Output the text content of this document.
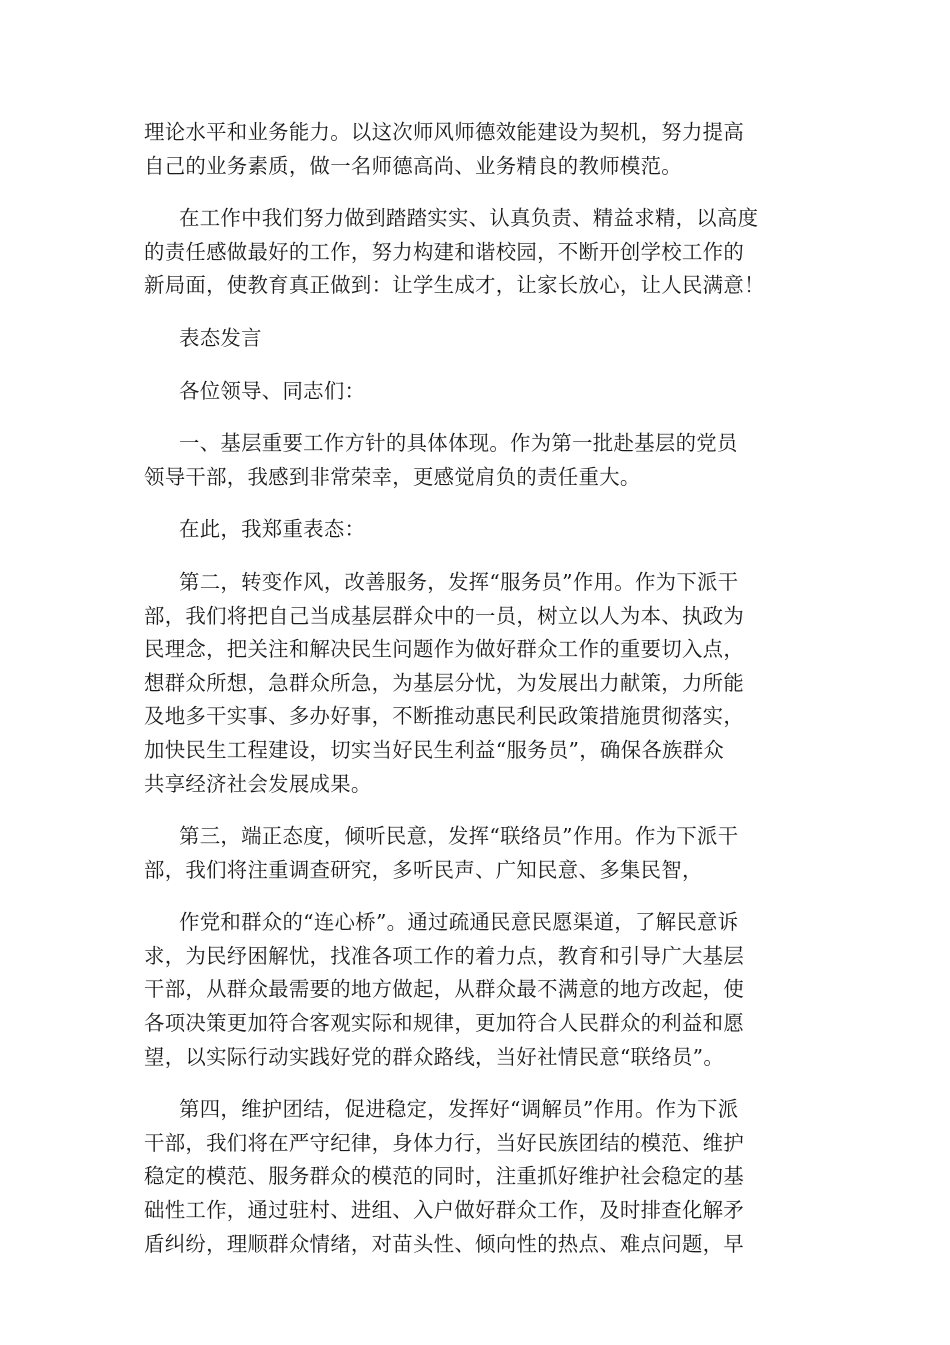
理论水平和业务能力。以这次师风师德效能建设为契机，努力提高
自己的业务素质，做一名师德高尚、业务精良的教师模范。
在工作中我们努力做到踏踏实实、认真负责、精益求精，以高度
的责任感做最好的工作，努力构建和谐校园，不断开创学校工作的
新局面，使教育真正做到：让学生成才，让家长放心，让人民满意！
表态发言
各位领导、同志们：
一、基层重要工作方针的具体体现。作为第一批赴基层的党员
领导干部，我感到非常荣幸，更感觉肩负的责任重大。
在此，我郑重表态：
第二，转变作风，改善服务，发挥“服务员”作用。作为下派干
部，我们将把自己当成基层群众中的一员，树立以人为本、执政为
民理念，把关注和解决民生问题作为做好群众工作的重要切入点，
想群众所想，急群众所急，为基层分忧，为发展出力献策，力所能
及地多干实事、多办好事，不断推动惠民利民政策措施贯彻落实，
加快民生工程建设，切实当好民生利益“服务员”，确保各族群众
共享经济社会发展成果。
第三，端正态度，倾听民意，发挥“联络员”作用。作为下派干
部，我们将注重调查研究，多听民声、广知民意、多集民智，
作党和群众的“连心桥”。通过疏通民意民愿渠道，了解民意诉
求，为民纾困解忧，找准各项工作的着力点，教育和引导广大基层
干部，从群众最需要的地方做起，从群众最不满意的地方改起，使
各项决策更加符合客观实际和规律，更加符合人民群众的利益和愿
望，以实际行动实践好党的群众路线，当好社情民意“联络员”。
第四，维护团结，促进稳定，发挥好“调解员”作用。作为下派
干部，我们将在严守纪律，身体力行，当好民族团结的模范、维护
稳定的模范、服务群众的模范的同时，注重抓好维护社会稳定的基
础性工作，通过驻村、进组、入户做好群众工作，及时排查化解矛
盾纠纷，理顺群众情绪，对苗头性、倾向性的热点、难点问题，早
